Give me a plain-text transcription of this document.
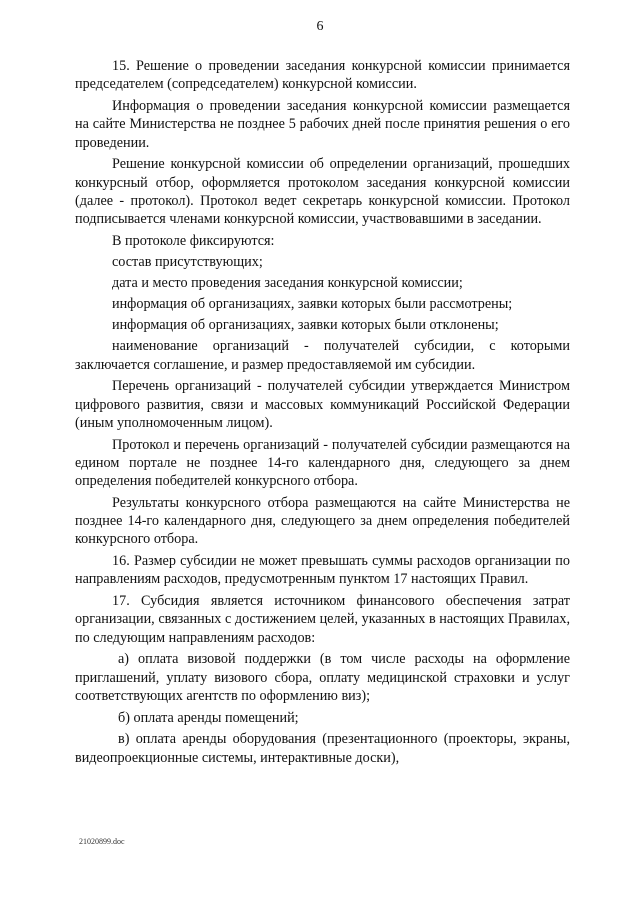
6

15. Решение о проведении заседания конкурсной комиссии принимается председателем (сопредседателем) конкурсной комиссии.

Информация о проведении заседания конкурсной комиссии размещается на сайте Министерства не позднее 5 рабочих дней после принятия решения о его проведении.

Решение конкурсной комиссии об определении организаций, прошедших конкурсный отбор, оформляется протоколом заседания конкурсной комиссии (далее - протокол). Протокол ведет секретарь конкурсной комиссии. Протокол подписывается членами конкурсной комиссии, участвовавшими в заседании.

В протоколе фиксируются:

состав присутствующих;

дата и место проведения заседания конкурсной комиссии;

информация об организациях, заявки которых были рассмотрены;

информация об организациях, заявки которых были отклонены;

наименование организаций - получателей субсидии, с которыми заключается соглашение, и размер предоставляемой им субсидии.

Перечень организаций - получателей субсидии утверждается Министром цифрового развития, связи и массовых коммуникаций Российской Федерации (иным уполномоченным лицом).

Протокол и перечень организаций - получателей субсидии размещаются на едином портале не позднее 14-го календарного дня, следующего за днем определения победителей конкурсного отбора.

Результаты конкурсного отбора размещаются на сайте Министерства не позднее 14-го календарного дня, следующего за днем определения победителей конкурсного отбора.

16. Размер субсидии не может превышать суммы расходов организации по направлениям расходов, предусмотренным пунктом 17 настоящих Правил.

17. Субсидия является источником финансового обеспечения затрат организации, связанных с достижением целей, указанных в настоящих Правилах, по следующим направлениям расходов:

а) оплата визовой поддержки (в том числе расходы на оформление приглашений, уплату визового сбора, оплату медицинской страховки и услуг соответствующих агентств по оформлению виз);

б) оплата аренды помещений;

в) оплата аренды оборудования (презентационного (проекторы, экраны, видеопроекционные системы, интерактивные доски),

21020899.doc
